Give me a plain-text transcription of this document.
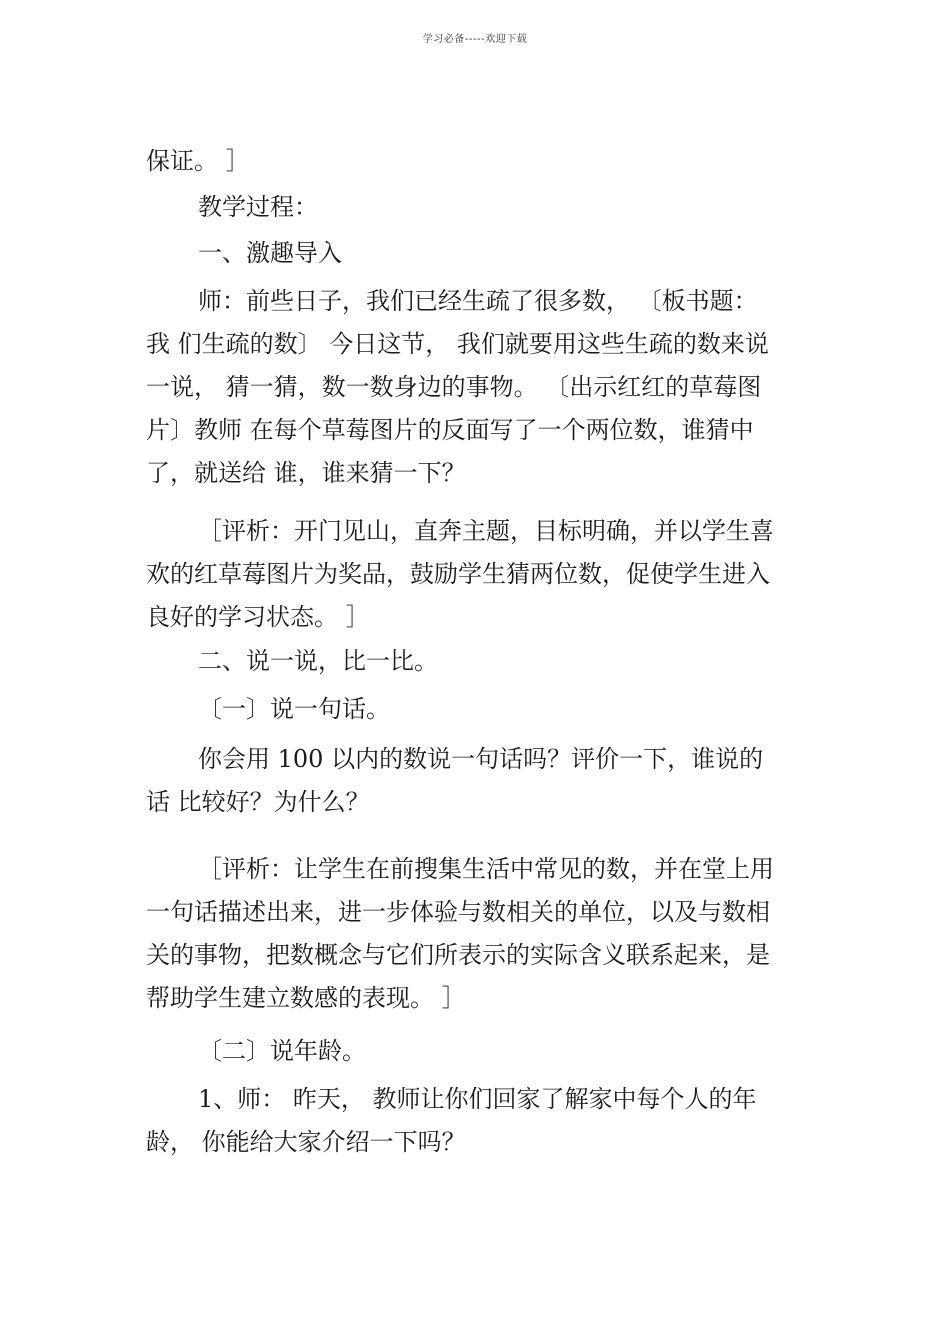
学习必备-----欢迎下载
保证。 ］
教学过程：
一、激趣导入
师：前些日子，我们已经生疏了很多数， 〔板书题：
我 们生疏的数〕 今日这节， 我们就要用这些生疏的数来说
一说， 猜一猜，数一数身边的事物。 〔出示红红的草莓图
片〕教师 在每个草莓图片的反面写了一个两位数，谁猜中
了，就送给 谁，谁来猜一下？
［评析：开门见山，直奔主题，目标明确，并以学生喜
欢的红草莓图片为奖品，鼓励学生猜两位数，促使学生进入
良好的学习状态。 ］
二、说一说，比一比。
〔一〕说一句话。
你会用 100 以内的数说一句话吗？评价一下，谁说的
话 比较好？为什么？
［评析：让学生在前搜集生活中常见的数，并在堂上用
一句话描述出来，进一步体验与数相关的单位，以及与数相
关的事物，把数概念与它们所表示的实际含义联系起来，是
帮助学生建立数感的表现。 ］
〔二〕说年龄。
1、师： 昨天， 教师让你们回家了解家中每个人的年
龄， 你能给大家介绍一下吗？
